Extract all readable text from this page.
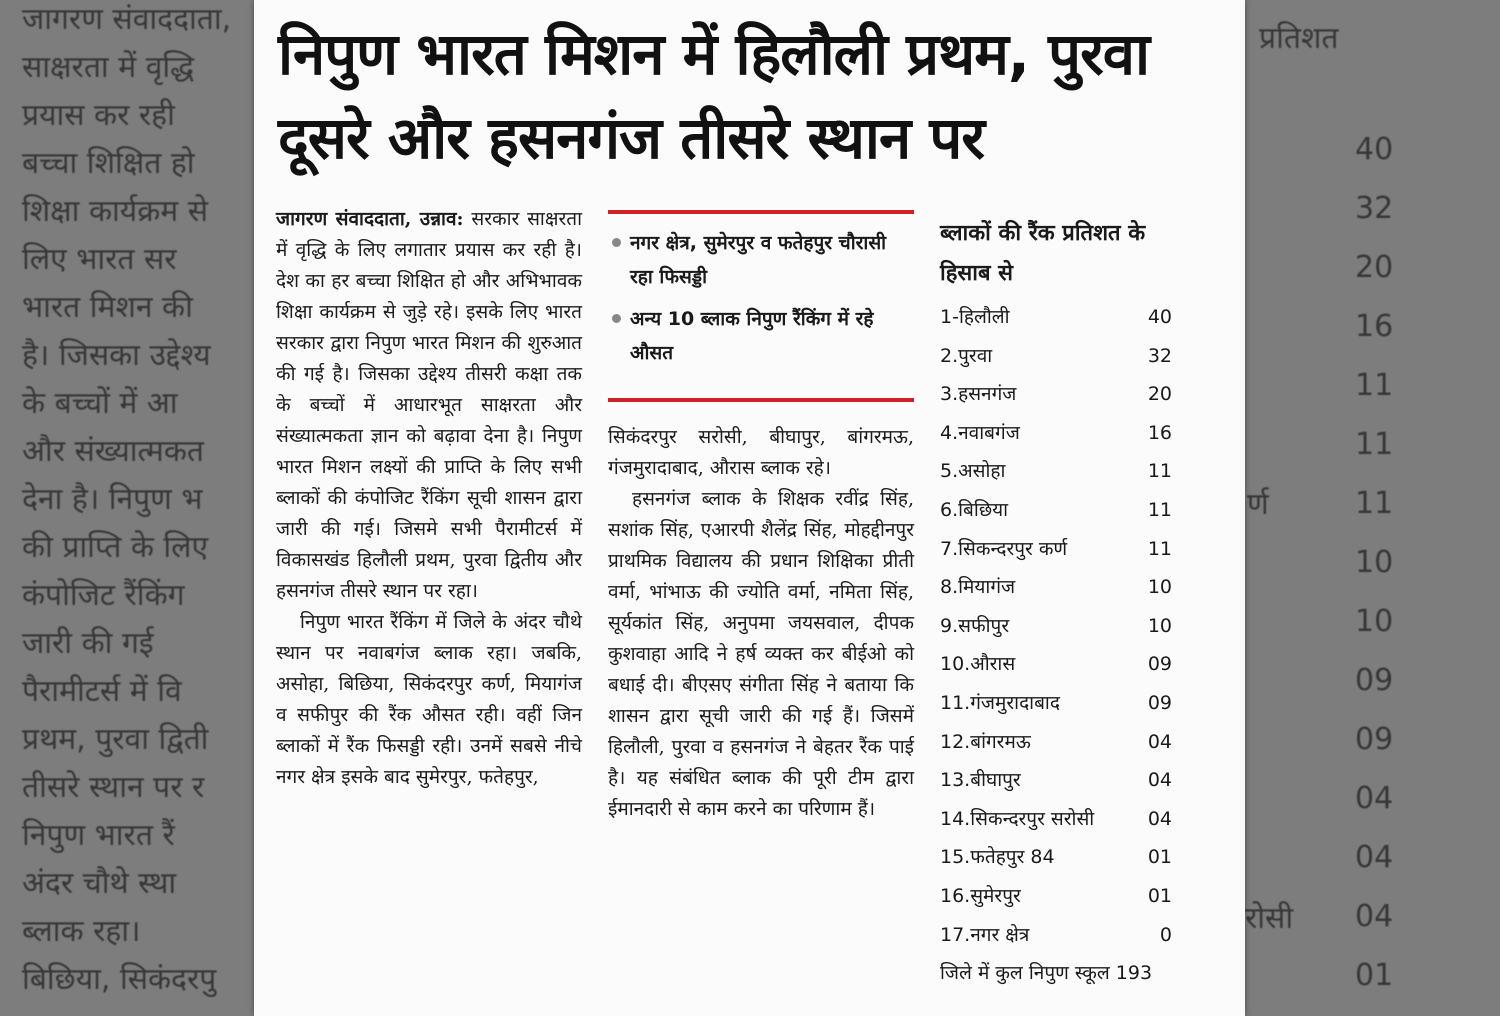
जागरण संवाददाता,
साक्षरता में वृद्धि
प्रयास कर रही
बच्चा शिक्षित हो
शिक्षा कार्यक्रम से
लिए भारत सर
भारत मिशन की
है। जिसका उद्देश्य
के बच्चों में आ
और संख्यात्मकत
देना है। निपुण भ
की प्राप्ति के लिए
कंपोजिट रैंकिंग
जारी की गई
पैरामीटर्स में वि
प्रथम, पुरवा द्विती
तीसरे स्थान पर र
निपुण भारत रैं
अंदर चौथे स्था
ब्लाक रहा।
बिछिया, सिकंदरपु
प्रतिशत
40
32
20
16
11
11
11
10
10
09
09
04
04
04
01
र्ण
रोसी
निपुण भारत मिशन में हिलौली प्रथम, पुरवा दूसरे और हसनगंज तीसरे स्थान पर

जागरण संवाददाता, उन्नाव: सरकार साक्षरता में वृद्धि के लिए लगातार प्रयास कर रही है। देश का हर बच्चा शिक्षित हो और अभिभावक शिक्षा कार्यक्रम से जुड़े रहे। इसके लिए भारत सरकार द्वारा निपुण भारत मिशन की शुरुआत की गई है। जिसका उद्देश्य तीसरी कक्षा तक के बच्चों में आधारभूत साक्षरता और संख्यात्मकता ज्ञान को बढ़ावा देना है। निपुण भारत मिशन लक्ष्यों की प्राप्ति के लिए सभी ब्लाकों की कंपोजिट रैंकिंग सूची शासन द्वारा जारी की गई। जिसमे सभी पैरामीटर्स में विकासखंड हिलौली प्रथम, पुरवा द्वितीय और हसनगंज तीसरे स्थान पर रहा।

निपुण भारत रैंकिंग में जिले के अंदर चौथे स्थान पर नवाबगंज ब्लाक रहा। जबकि, असोहा, बिछिया, सिकंदरपुर कर्ण, मियागंज व सफीपुर की रैंक औसत रही। वहीं जिन ब्लाकों में रैंक फिसड्डी रही। उनमें सबसे नीचे नगर क्षेत्र इसके बाद सुमेरपुर, फतेहपुर,

नगर क्षेत्र, सुमेरपुर व फतेहपुर चौरासी रहा फिसड्डी
अन्य 10 ब्लाक निपुण रैंकिंग में रहे औसत

सिकंदरपुर सरोसी, बीघापुर, बांगरमऊ, गंजमुरादाबाद, औरास ब्लाक रहे।

हसनगंज ब्लाक के शिक्षक रवींद्र सिंह, सशांक सिंह, एआरपी शैलेंद्र सिंह, मोहद्दीनपुर प्राथमिक विद्यालय की प्रधान शिक्षिका प्रीती वर्मा, भांभाऊ की ज्योति वर्मा, नमिता सिंह, सूर्यकांत सिंह, अनुपमा जयसवाल, दीपक कुशवाहा आदि ने हर्ष व्यक्त कर बीईओ को बधाई दी। बीएसए संगीता सिंह ने बताया कि शासन द्वारा सूची जारी की गई हैं। जिसमें हिलौली, पुरवा व हसनगंज ने बेहतर रैंक पाई है। यह संबंधित ब्लाक की पूरी टीम द्वारा ईमानदारी से काम करने का परिणाम हैं।

ब्लाकों की रैंक प्रतिशत के हिसाब से
1-हिलौली	40
2.पुरवा	32
3.हसनगंज	20
4.नवाबगंज	16
5.असोहा	11
6.बिछिया	11
7.सिकन्दरपुर कर्ण	11
8.मियागंज	10
9.सफीपुर	10
10.औरास	09
11.गंजमुरादाबाद	09
12.बांगरमऊ	04
13.बीघापुर	04
14.सिकन्दरपुर सरोसी	04
15.फतेहपुर 84	01
16.सुमेरपुर	01
17.नगर क्षेत्र	0
जिले में कुल निपुण स्कूल 193
